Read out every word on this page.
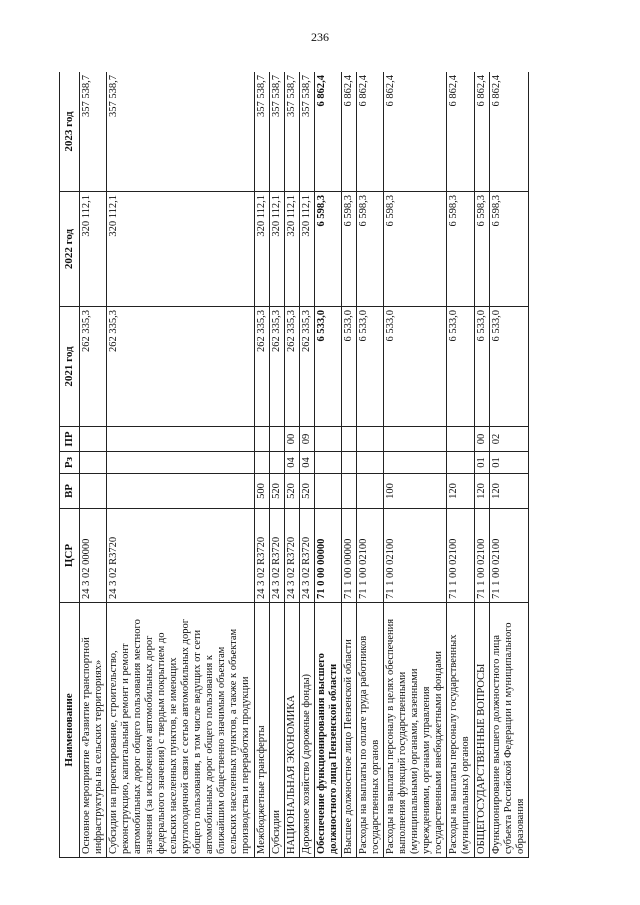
236
Наименование	ЦСР	ВР	Рз	ПР	2021 год	2022 год	2023 год
Основное мероприятие «Развитие транспортной инфраструктуры на сельских территориях»	24 3 02 00000				262 335,3	320 112,1	357 538,7
Субсидии на проектирование, строительство, реконструкцию, капитальный ремонт и ремонт автомобильных дорог общего пользования местного значения (за исключением автомобильных дорог федерального значения) с твердым покрытием до сельских населенных пунктов, не имеющих круглогодичной связи с сетью автомобильных дорог общего пользования, в том числе ведущих от сети автомобильных дорог общего пользования к ближайшим общественно значимым объектам сельских населенных пунктов, а также к объектам производства и переработки продукции	24 3 02 R3720				262 335,3	320 112,1	357 538,7
Межбюджетные трансферты	24 3 02 R3720	500			262 335,3	320 112,1	357 538,7
Субсидии	24 3 02 R3720	520			262 335,3	320 112,1	357 538,7
НАЦИОНАЛЬНАЯ ЭКОНОМИКА	24 3 02 R3720	520	04	00	262 335,3	320 112,1	357 538,7
Дорожное хозяйство (дорожные фонды)	24 3 02 R3720	520	04	09	262 335,3	320 112,1	357 538,7
Обеспечение функционирования высшего должностного лица Пензенской области	71 0 00 00000				6 533,0	6 598,3	6 862,4
Высшее должностное лицо Пензенской области	71 1 00 00000				6 533,0	6 598,3	6 862,4
Расходы на выплаты по оплате труда работников государственных органов	71 1 00 02100				6 533,0	6 598,3	6 862,4
Расходы на выплаты персоналу в целях обеспечения выполнения функций государственными (муниципальными) органами, казенными учреждениями, органами управления государственными внебюджетными фондами	71 1 00 02100	100			6 533,0	6 598,3	6 862,4
Расходы на выплаты персоналу государственных (муниципальных) органов	71 1 00 02100	120			6 533,0	6 598,3	6 862,4
ОБЩЕГОСУДАРСТВЕННЫЕ ВОПРОСЫ	71 1 00 02100	120	01	00	6 533,0	6 598,3	6 862,4
Функционирование высшего должностного лица субъекта Российской Федерации и муниципального образования	71 1 00 02100	120	01	02	6 533,0	6 598,3	6 862,4
